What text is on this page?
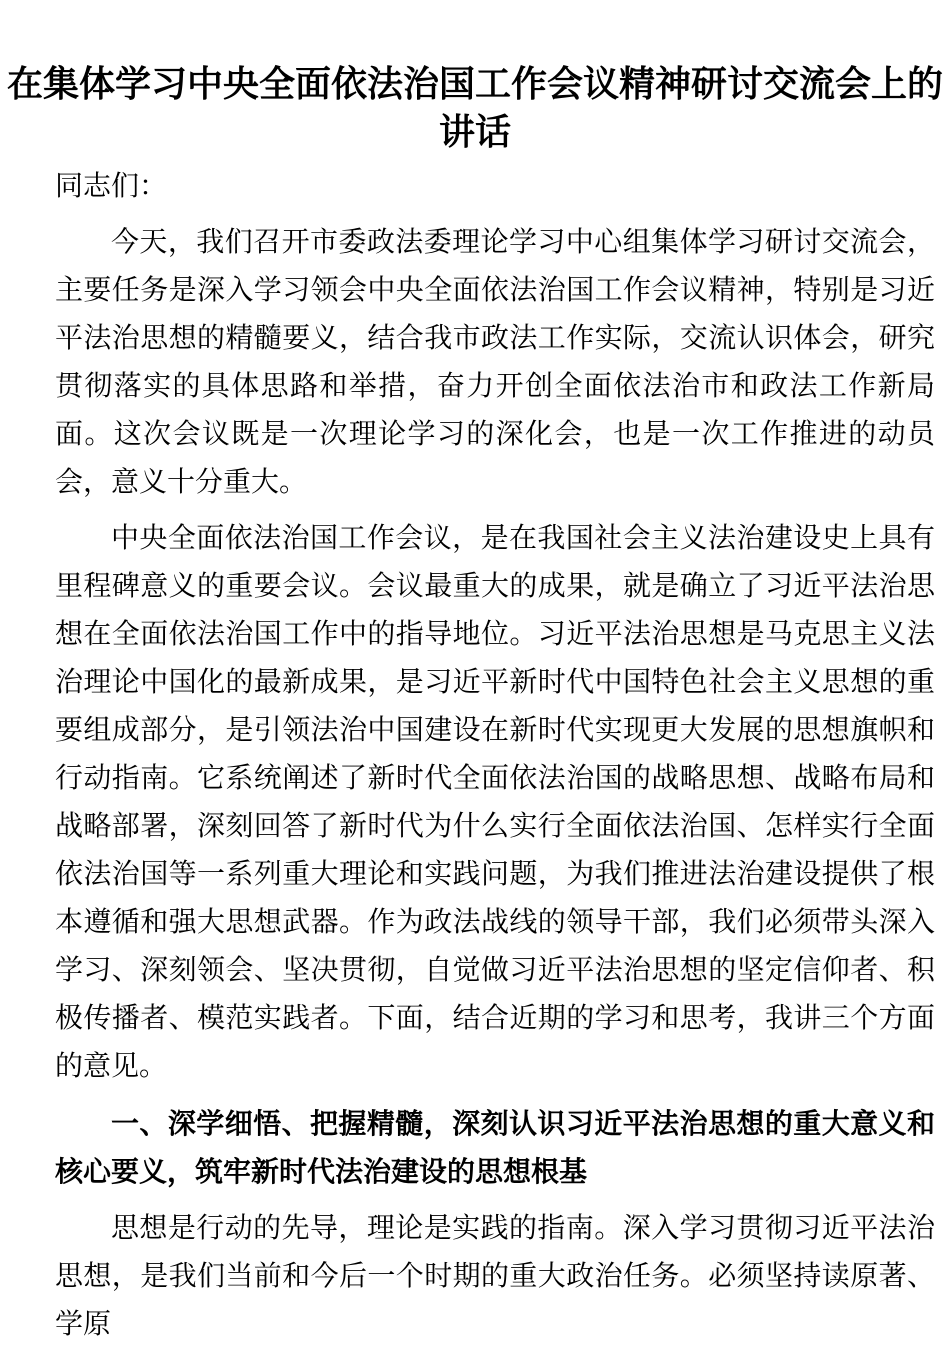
在集体学习中央全面依法治国工作会议精神研讨交流会上的讲话

同志们：

今天，我们召开市委政法委理论学习中心组集体学习研讨交流会，主要任务是深入学习领会中央全面依法治国工作会议精神，特别是习近平法治思想的精髓要义，结合我市政法工作实际，交流认识体会，研究贯彻落实的具体思路和举措，奋力开创全面依法治市和政法工作新局面。这次会议既是一次理论学习的深化会，也是一次工作推进的动员会，意义十分重大。

中央全面依法治国工作会议，是在我国社会主义法治建设史上具有里程碑意义的重要会议。会议最重大的成果，就是确立了习近平法治思想在全面依法治国工作中的指导地位。习近平法治思想是马克思主义法治理论中国化的最新成果，是习近平新时代中国特色社会主义思想的重要组成部分，是引领法治中国建设在新时代实现更大发展的思想旗帜和行动指南。它系统阐述了新时代全面依法治国的战略思想、战略布局和战略部署，深刻回答了新时代为什么实行全面依法治国、怎样实行全面依法治国等一系列重大理论和实践问题，为我们推进法治建设提供了根本遵循和强大思想武器。作为政法战线的领导干部，我们必须带头深入学习、深刻领会、坚决贯彻，自觉做习近平法治思想的坚定信仰者、积极传播者、模范实践者。下面，结合近期的学习和思考，我讲三个方面的意见。

一、深学细悟、把握精髓，深刻认识习近平法治思想的重大意义和核心要义，筑牢新时代法治建设的思想根基

思想是行动的先导，理论是实践的指南。深入学习贯彻习近平法治思想，是我们当前和今后一个时期的重大政治任务。必须坚持读原著、学原
